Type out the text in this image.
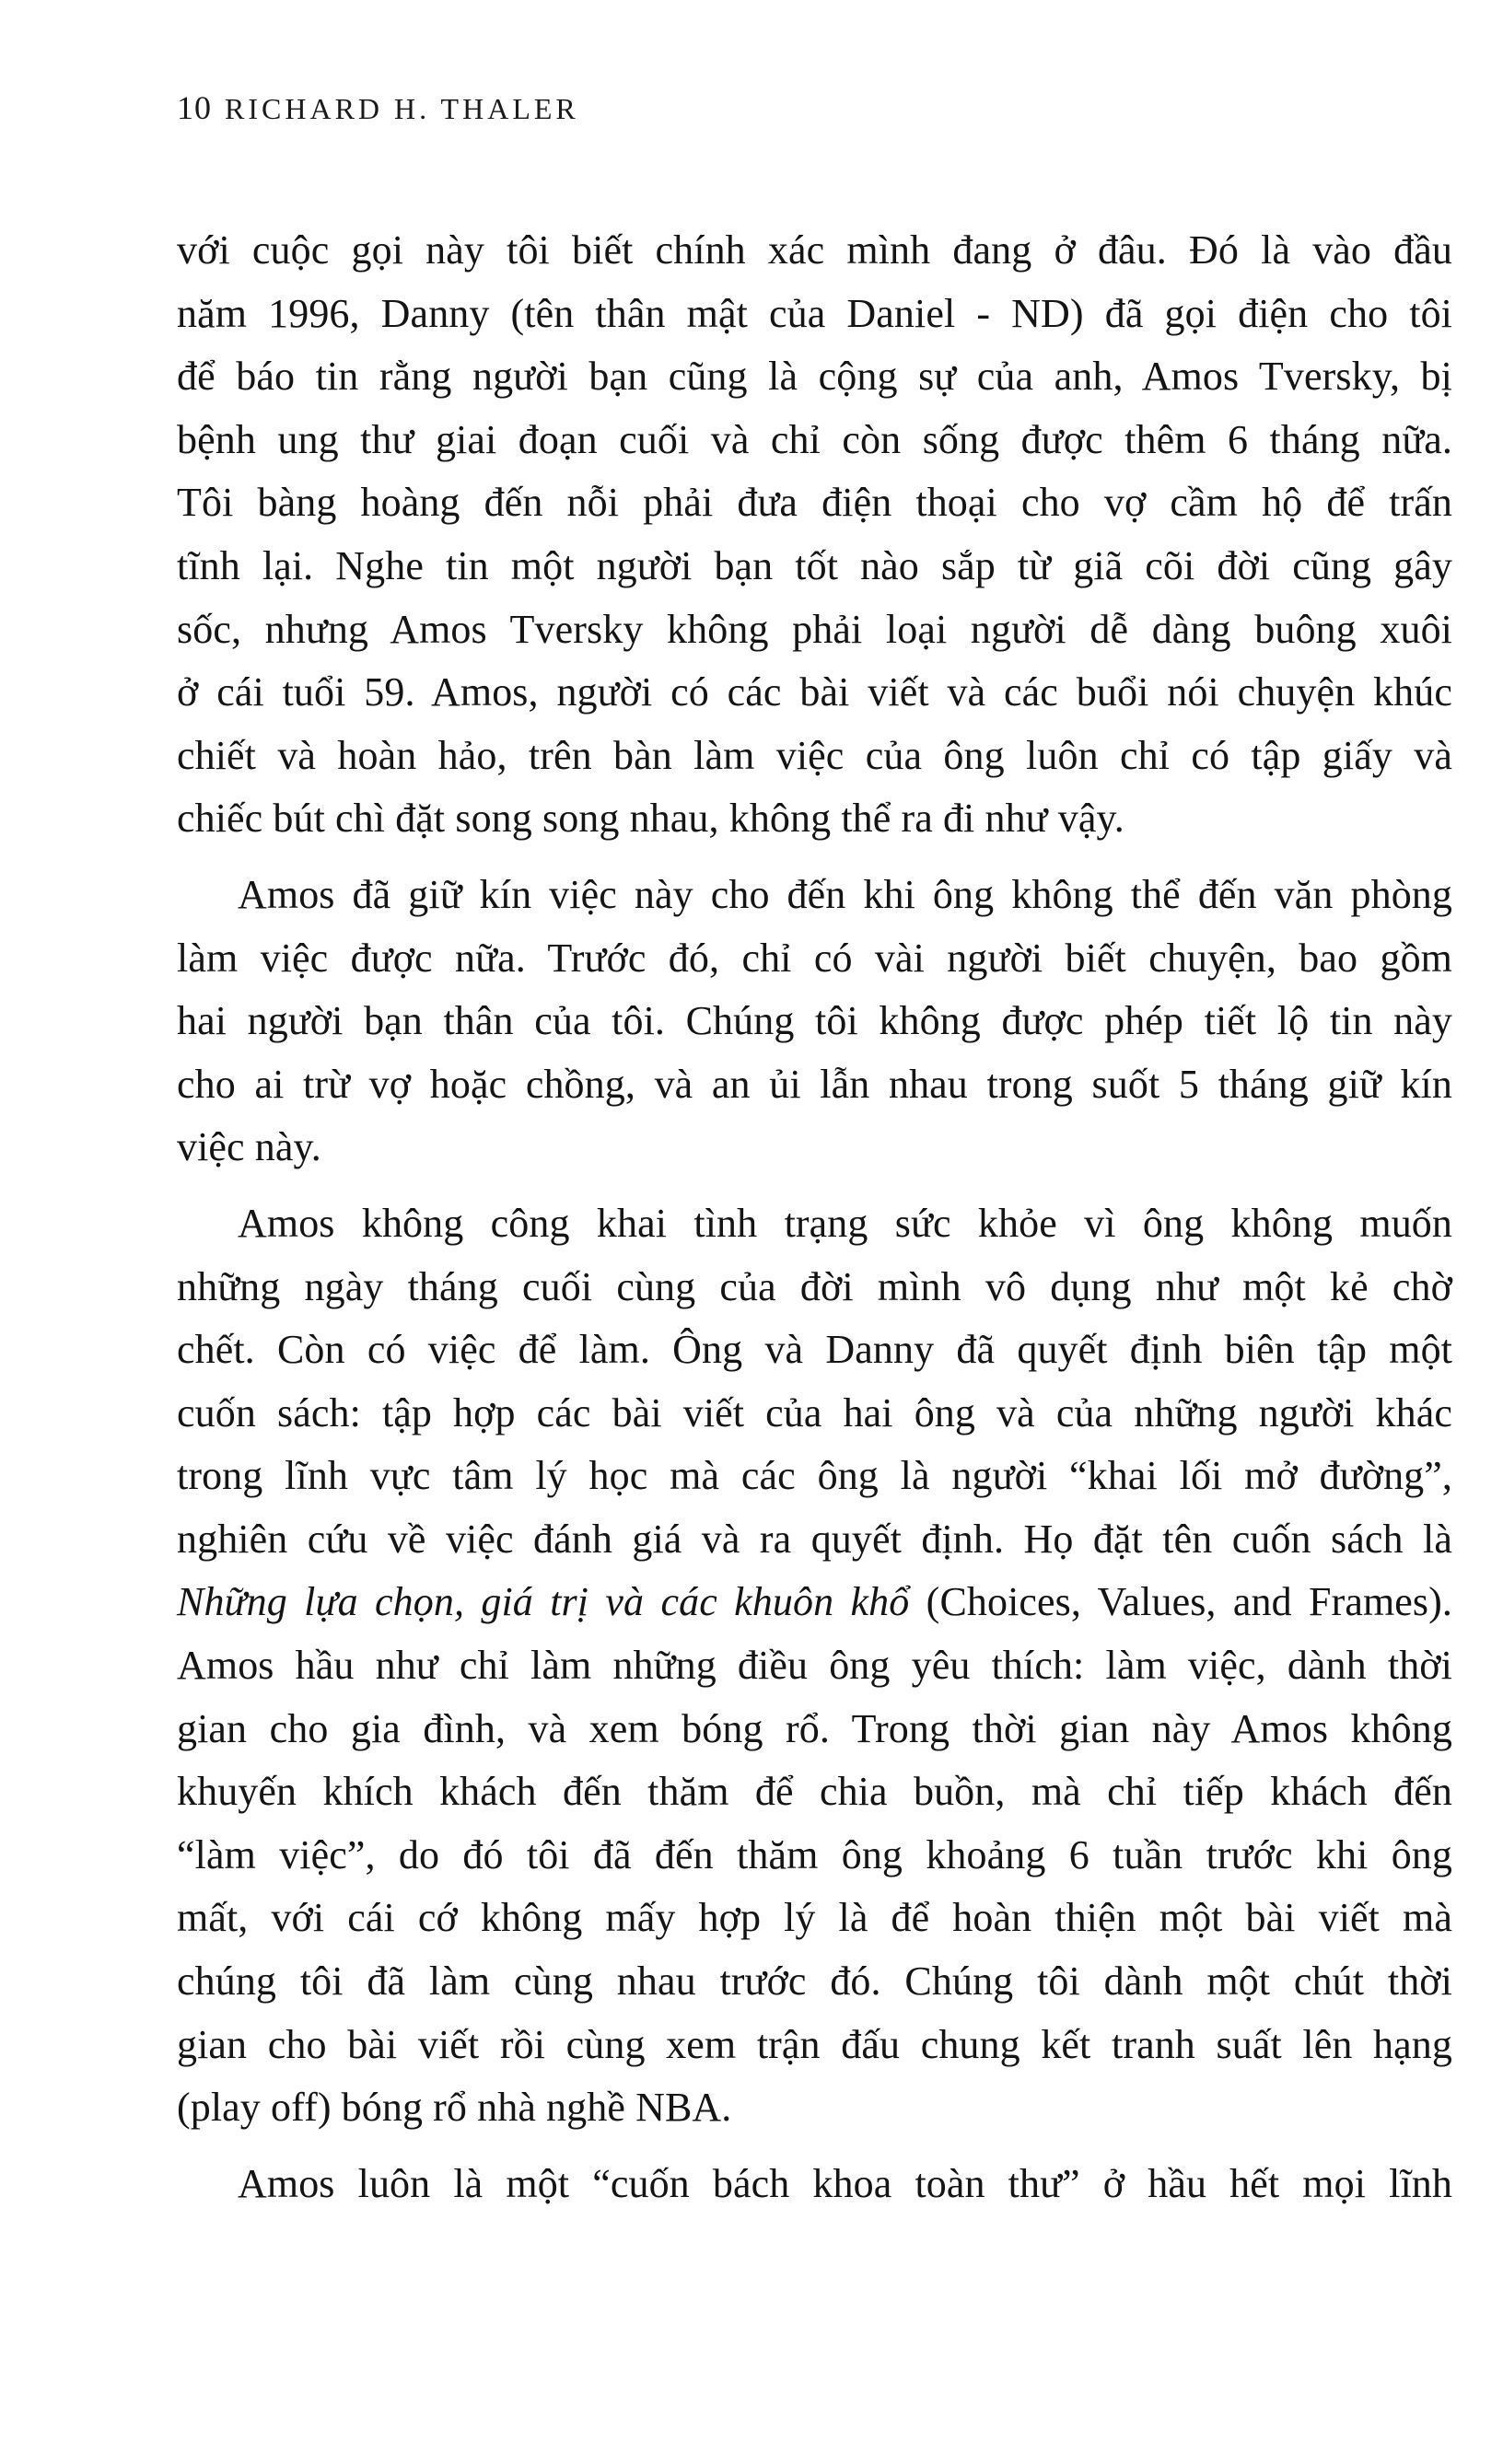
10 RICHARD H. THALER
với cuộc gọi này tôi biết chính xác mình đang ở đâu. Đó là vào đầu
năm 1996, Danny (tên thân mật của Daniel - ND) đã gọi điện cho tôi
để báo tin rằng người bạn cũng là cộng sự của anh, Amos Tversky, bị
bệnh ung thư giai đoạn cuối và chỉ còn sống được thêm 6 tháng nữa.
Tôi bàng hoàng đến nỗi phải đưa điện thoại cho vợ cầm hộ để trấn
tĩnh lại. Nghe tin một người bạn tốt nào sắp từ giã cõi đời cũng gây
sốc, nhưng Amos Tversky không phải loại người dễ dàng buông xuôi
ở cái tuổi 59. Amos, người có các bài viết và các buổi nói chuyện khúc
chiết và hoàn hảo, trên bàn làm việc của ông luôn chỉ có tập giấy và
chiếc bút chì đặt song song nhau, không thể ra đi như vậy.
Amos đã giữ kín việc này cho đến khi ông không thể đến văn phòng
làm việc được nữa. Trước đó, chỉ có vài người biết chuyện, bao gồm
hai người bạn thân của tôi. Chúng tôi không được phép tiết lộ tin này
cho ai trừ vợ hoặc chồng, và an ủi lẫn nhau trong suốt 5 tháng giữ kín
việc này.
Amos không công khai tình trạng sức khỏe vì ông không muốn
những ngày tháng cuối cùng của đời mình vô dụng như một kẻ chờ
chết. Còn có việc để làm. Ông và Danny đã quyết định biên tập một
cuốn sách: tập hợp các bài viết của hai ông và của những người khác
trong lĩnh vực tâm lý học mà các ông là người “khai lối mở đường”,
nghiên cứu về việc đánh giá và ra quyết định. Họ đặt tên cuốn sách là
Những lựa chọn, giá trị và các khuôn khổ (Choices, Values, and Frames).
Amos hầu như chỉ làm những điều ông yêu thích: làm việc, dành thời
gian cho gia đình, và xem bóng rổ. Trong thời gian này Amos không
khuyến khích khách đến thăm để chia buồn, mà chỉ tiếp khách đến
“làm việc”, do đó tôi đã đến thăm ông khoảng 6 tuần trước khi ông
mất, với cái cớ không mấy hợp lý là để hoàn thiện một bài viết mà
chúng tôi đã làm cùng nhau trước đó. Chúng tôi dành một chút thời
gian cho bài viết rồi cùng xem trận đấu chung kết tranh suất lên hạng
(play off) bóng rổ nhà nghề NBA.
Amos luôn là một “cuốn bách khoa toàn thư” ở hầu hết mọi lĩnh
